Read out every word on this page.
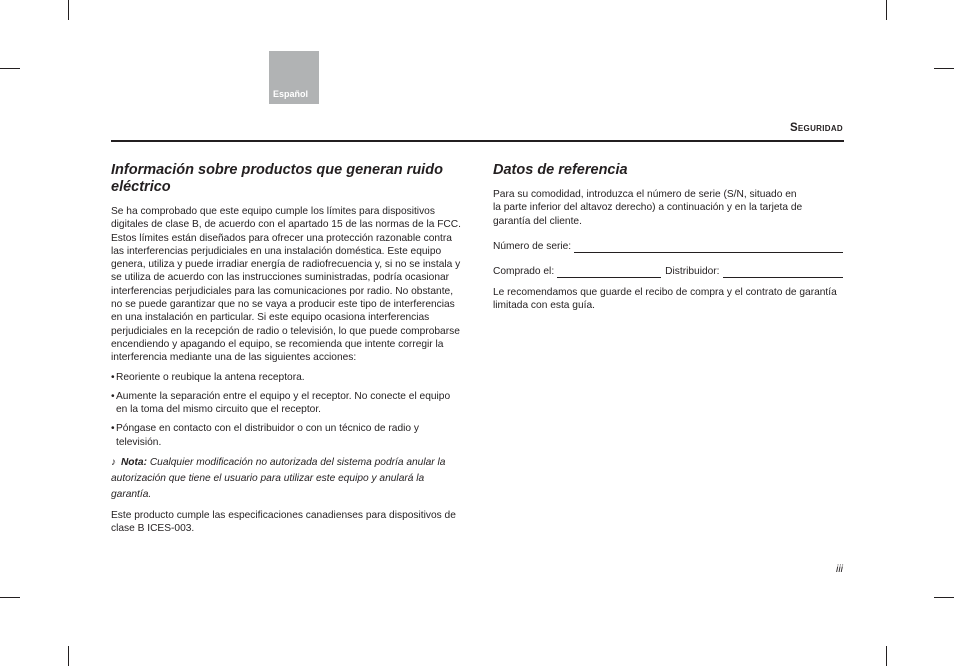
Español
Seguridad
Información sobre productos que generan ruido eléctrico

Se ha comprobado que este equipo cumple los límites para dispositivos digitales de clase B, de acuerdo con el apartado 15 de las normas de la FCC. Estos límites están diseñados para ofrecer una protección razonable contra las interferencias perjudiciales en una instalación doméstica. Este equipo genera, utiliza y puede irradiar energía de radiofrecuencia y, si no se instala y se utiliza de acuerdo con las instrucciones suministradas, podría ocasionar interferencias perjudiciales para las comunicaciones por radio. No obstante, no se puede garantizar que no se vaya a producir este tipo de interferencias en una instalación en particular. Si este equipo ocasiona interferencias perjudiciales en la recepción de radio o televisión, lo que puede comprobarse encendiendo y apagando el equipo, se recomienda que intente corregir la interferencia mediante una de las siguientes acciones:

• Reoriente o reubique la antena receptora.
• Aumente la separación entre el equipo y el receptor. No conecte el equipo en la toma del mismo circuito que el receptor.
• Póngase en contacto con el distribuidor o con un técnico de radio y televisión.
♪ Nota: Cualquier modificación no autorizada del sistema podría anular la autorización que tiene el usuario para utilizar este equipo y anulará la garantía.

Este producto cumple las especificaciones canadienses para dispositivos de clase B ICES-003.

Datos de referencia

Para su comodidad, introduzca el número de serie (S/N, situado en la parte inferior del altavoz derecho) a continuación y en la tarjeta de garantía del cliente.

Número de serie:
Comprado el:	Distribuidor:

Le recomendamos que guarde el recibo de compra y el contrato de garantía limitada con esta guía.

iii
